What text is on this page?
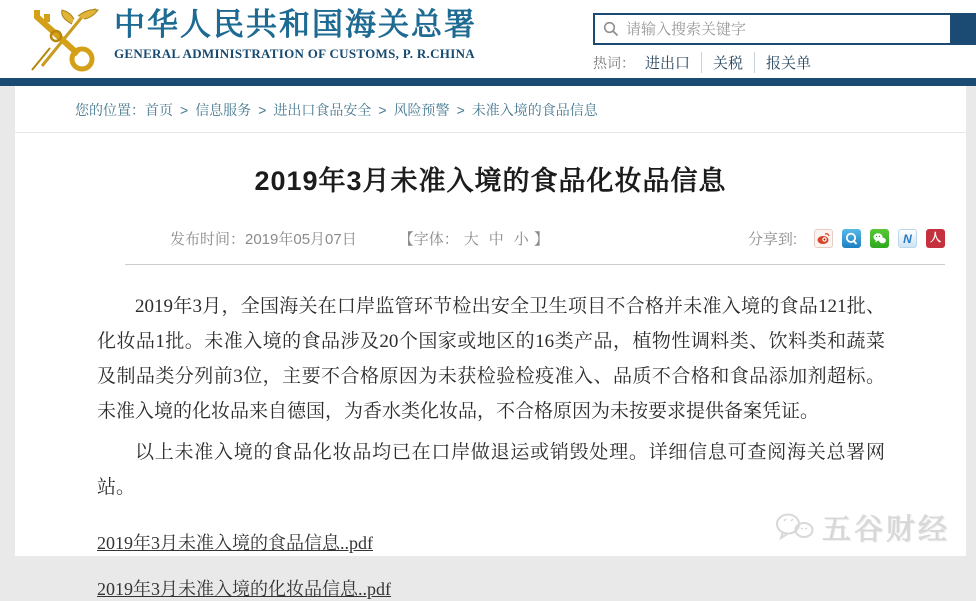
中华人民共和国海关总署
GENERAL ADMINISTRATION OF CUSTOMS, P. R.CHINA
请输入搜索关键字
热词： 进出口	关税	报关单
您的位置：首页 > 信息服务 > 进出口食品安全 > 风险预警 > 未准入境的食品信息
2019年3月未准入境的食品化妆品信息
发布时间：2019年05月07日	【字体： 大 中 小 】	分享到:	N	人

2019年3月，全国海关在口岸监管环节检出安全卫生项目不合格并未准入境的食品121批、化妆品1批。未准入境的食品涉及20个国家或地区的16类产品，植物性调料类、饮料类和蔬菜及制品类分列前3位，主要不合格原因为未获检验检疫准入、品质不合格和食品添加剂超标。未准入境的化妆品来自德国，为香水类化妆品，不合格原因为未按要求提供备案凭证。

以上未准入境的食品化妆品均已在口岸做退运或销毁处理。详细信息可查阅海关总署网站。

2019年3月未准入境的食品信息..pdf
2019年3月未准入境的化妆品信息..pdf
五谷财经
